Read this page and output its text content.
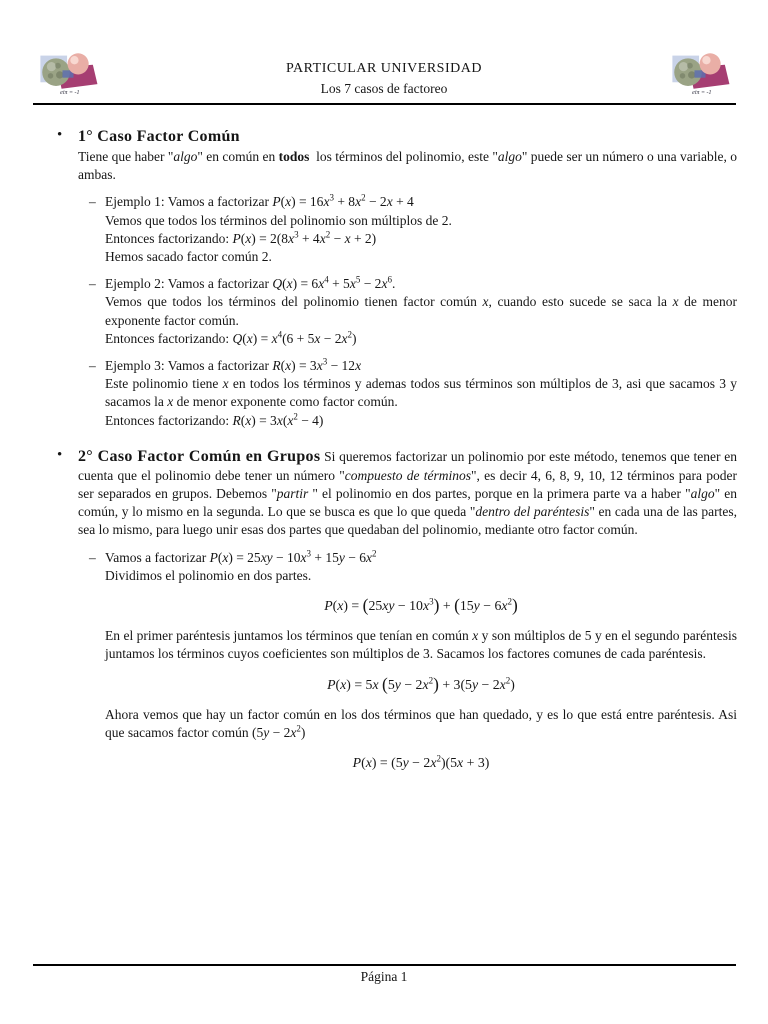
eiπ = -1	eiπ = -1
PARTICULAR UNIVERSIDAD
Los 7 casos de factoreo
• 1° Caso Factor Común

Tiene que haber "algo" en común en todos  los términos del polinomio, este "algo" puede ser un número o una variable, o ambas.

– Ejemplo 1: Vamos a factorizar $P(x) = 16x^3 + 8x^2 - 2x + 4$

Vemos que todos los términos del polinomio son múltiplos de 2.

Entonces factorizando: $P(x) = 2(8x^3 + 4x^2 - x + 2)$

Hemos sacado factor común 2.

– Ejemplo 2: Vamos a factorizar $Q(x) = 6x^4 + 5x^5 - 2x^6$.

Vemos que todos los términos del polinomio tienen factor común x, cuando esto sucede se saca la x de menor exponente factor común.

Entonces factorizando: $Q(x) = x^4(6 + 5x - 2x^2)$

– Ejemplo 3: Vamos a factorizar $R(x) = 3x^3 - 12x$

Este polinomio tiene x en todos los términos y ademas todos sus términos son múltiplos de 3, asi que sacamos 3 y sacamos la x de menor exponente como factor común.

Entonces factorizando: $R(x) = 3x(x^2 - 4)$

• 2° Caso Factor Común en Grupos Si queremos factorizar un polinomio por este método, tenemos que tener en cuenta que el polinomio debe tener un número "compuesto de términos", es decir 4, 6, 8, 9, 10, 12 términos para poder ser separados en grupos. Debemos "partir " el polinomio en dos partes, porque en la primera parte va a haber "algo" en común, y lo mismo en la segunda. Lo que se busca es que lo que queda "dentro del paréntesis" en cada una de las partes, sea lo mismo, para luego unir esas dos partes que quedaban del polinomio, mediante otro factor común.

– Vamos a factorizar $P(x) = 25xy - 10x^3 + 15y - 6x^2$

Dividimos el polinomio en dos partes.

$P(x) = (25xy - 10x^3) + (15y - 6x^2)$

En el primer paréntesis juntamos los términos que tenían en común x y son múltiplos de 5 y en el segundo paréntesis juntamos los términos cuyos coeficientes son múltiplos de 3. Sacamos los factores comunes de cada paréntesis.

P(x) = 5x $(5y - 2x^2) + 3(5y - 2x^2)$

Ahora vemos que hay un factor común en los dos términos que han quedado, y es lo que está entre paréntesis. Asi que sacamos factor común $(5y - 2x^2)$

$P(x) = (5y - 2x^2)(5x + 3)$
Página 1
